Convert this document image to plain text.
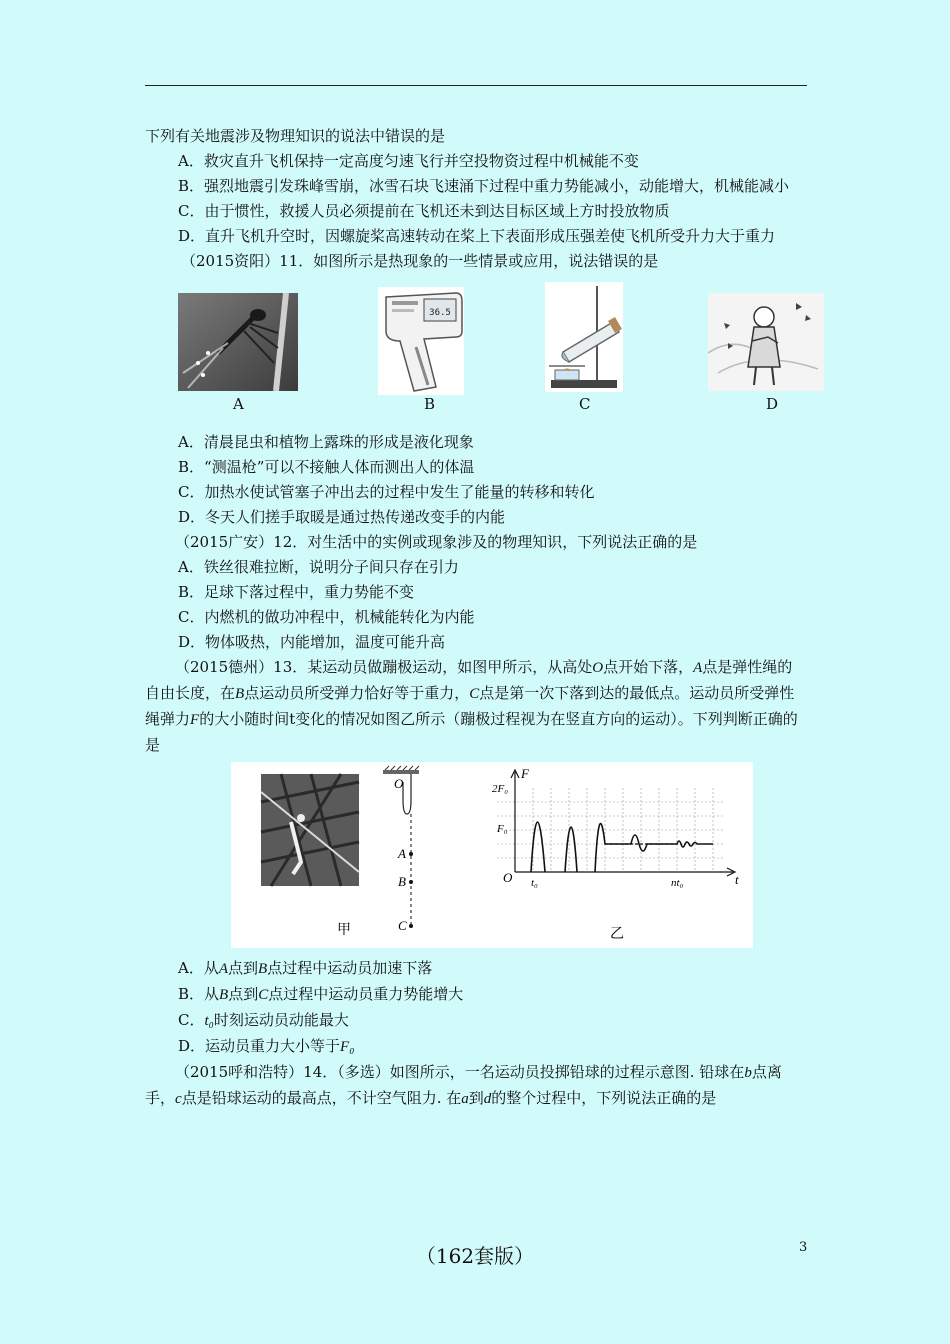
下列有关地震涉及物理知识的说法中错误的是

A．救灾直升飞机保持一定高度匀速飞行并空投物资过程中机械能不变

B．强烈地震引发珠峰雪崩，冰雪石块飞速涌下过程中重力势能减小，动能增大，机械能减小

C．由于惯性，救援人员必须提前在飞机还未到达目标区域上方时投放物质

D．直升飞机升空时，因螺旋桨高速转动在桨上下表面形成压强差使飞机所受升力大于重力

（2015资阳）11．如图所示是热现象的一些情景或应用，说法错误的是

A
36.5
B	C	D

A．清晨昆虫和植物上露珠的形成是液化现象

B．“测温枪”可以不接触人体而测出人的体温

C．加热水使试管塞子冲出去的过程中发生了能量的转移和转化

D．冬天人们搓手取暖是通过热传递改变手的内能

（2015广安）12．对生活中的实例或现象涉及的物理知识，下列说法正确的是

A．铁丝很难拉断，说明分子间只存在引力

B．足球下落过程中，重力势能不变

C．内燃机的做功冲程中，机械能转化为内能

D．物体吸热，内能增加，温度可能升高

（2015德州）13．某运动员做蹦极运动，如图甲所示，从高处O点开始下落，A点是弹性绳的自由长度，在B点运动员所受弹力恰好等于重力，C点是第一次下落到达的最低点。运动员所受弹性绳弹力F的大小随时间t变化的情况如图乙所示（蹦极过程视为在竖直方向的运动）。下列判断正确的是

甲
O
A
B
C
F
t
O
2F₀
F₀
t₀	nt₀
乙

A．从A点到B点过程中运动员加速下落

B．从B点到C点过程中运动员重力势能增大

C．t₀时刻运动员动能最大

D．运动员重力大小等于F₀

（2015呼和浩特）14．（多选）如图所示，一名运动员投掷铅球的过程示意图. 铅球在b点离手，c点是铅球运动的最高点，不计空气阻力. 在a到d的整个过程中，下列说法正确的是

（162套版）	3
